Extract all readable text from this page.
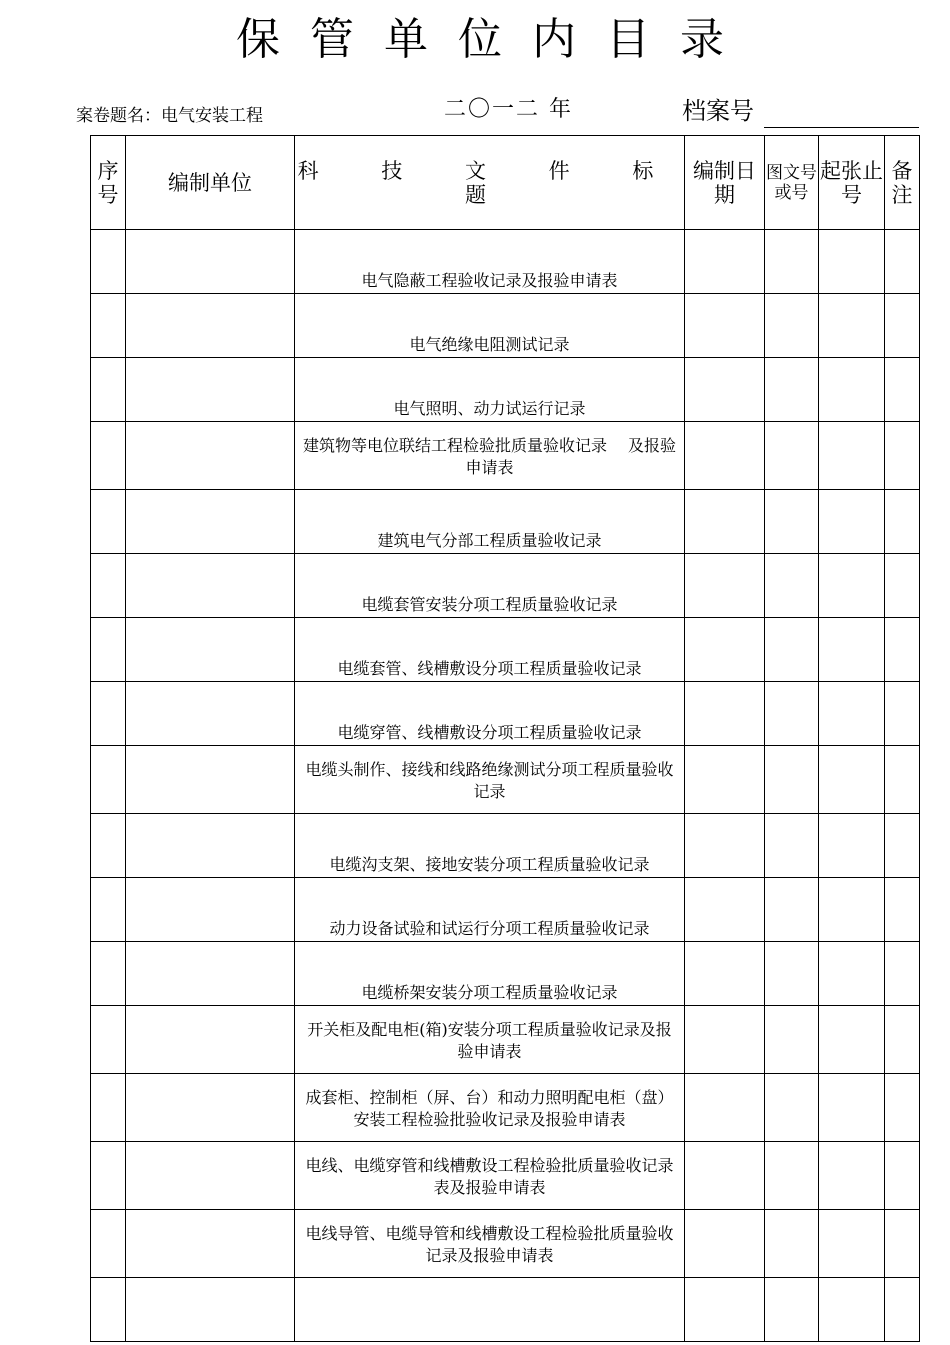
保管单位内目录
案卷题名：电气安装工程	二〇一二 年	档案号
序号	编制单位	科 技 文 件 标 题	编制日期	图文号或号	起张止号	备注
		电气隐蔽工程验收记录及报验申请表				
		电气绝缘电阻测试记录				
		电气照明、动力试运行记录				
		建筑物等电位联结工程检验批质量验收记录　 及报验申请表				
		建筑电气分部工程质量验收记录				
		电缆套管安装分项工程质量验收记录				
		电缆套管、线槽敷设分项工程质量验收记录				
		电缆穿管、线槽敷设分项工程质量验收记录				
		电缆头制作、接线和线路绝缘测试分项工程质量验收记录				
		电缆沟支架、接地安装分项工程质量验收记录				
		动力设备试验和试运行分项工程质量验收记录				
		电缆桥架安装分项工程质量验收记录				
		开关柜及配电柜(箱)安装分项工程质量验收记录及报验申请表				
		成套柜、控制柜（屏、台）和动力照明配电柜（盘）安装工程检验批验收记录及报验申请表				
		电线、电缆穿管和线槽敷设工程检验批质量验收记录表及报验申请表				
		电线导管、电缆导管和线槽敷设工程检验批质量验收记录及报验申请表				
